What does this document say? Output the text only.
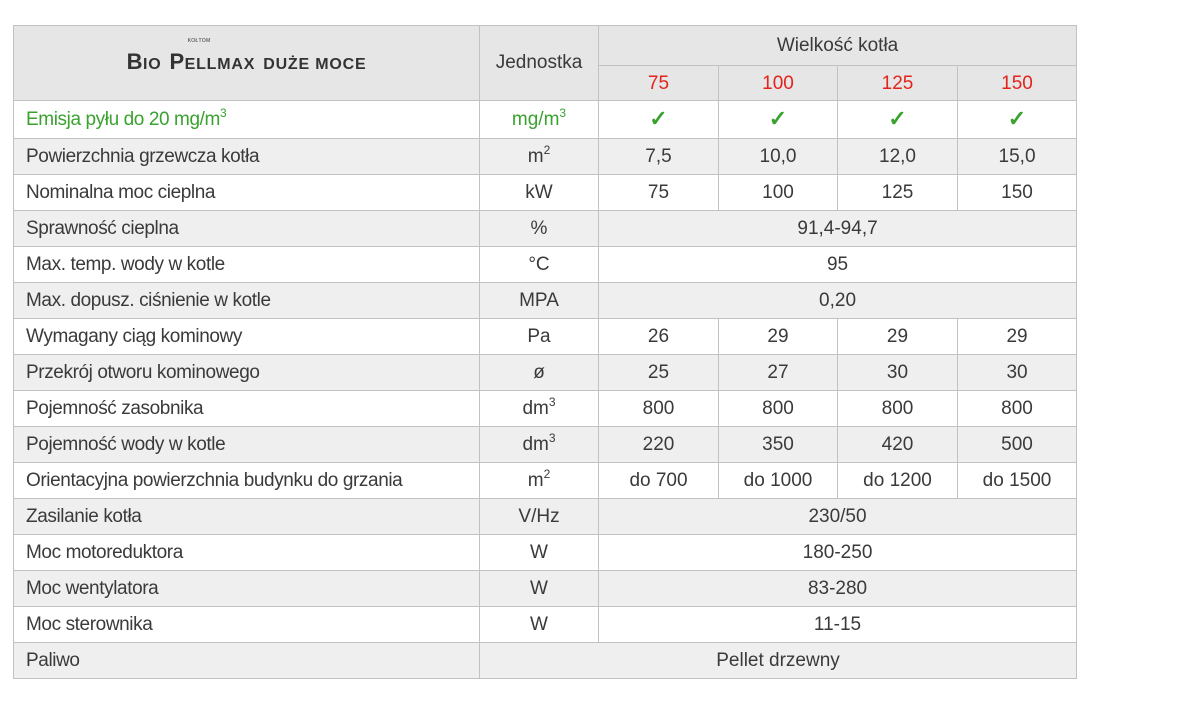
KOŁTOM
BIO PELLMAX DUŻE MOCE	Jednostka	Wielkość kotła			
		75	100	125	150
Emisja pyłu do 20 $mg/m^3$	$mg/m^3$	✓	✓	✓	✓
Powierzchnia grzewcza kotła	$m^2$	7,5	10,0	12,0	15,0
Nominalna moc cieplna	kW	75	100	125	150
Sprawność cieplna	%	91,4-94,7			
Max. temp. wody w kotle	°C	95			
Max. dopusz. ciśnienie w kotle	MPA	0,20			
Wymagany ciąg kominowy	Pa	26	29	29	29
Przekrój otworu kominowego	ø	25	27	30	30
Pojemność zasobnika	$dm^3$	800	800	800	800
Pojemność wody w kotle	$dm^3$	220	350	420	500
Orientacyjna powierzchnia budynku do grzania	$m^2$	do 700	do 1000	do 1200	do 1500
Zasilanie kotła	V/Hz	230/50			
Moc motoreduktora	W	180-250			
Moc wentylatora	W	83-280			
Moc sterownika	W	11-15			
Paliwo	Pellet drzewny				
